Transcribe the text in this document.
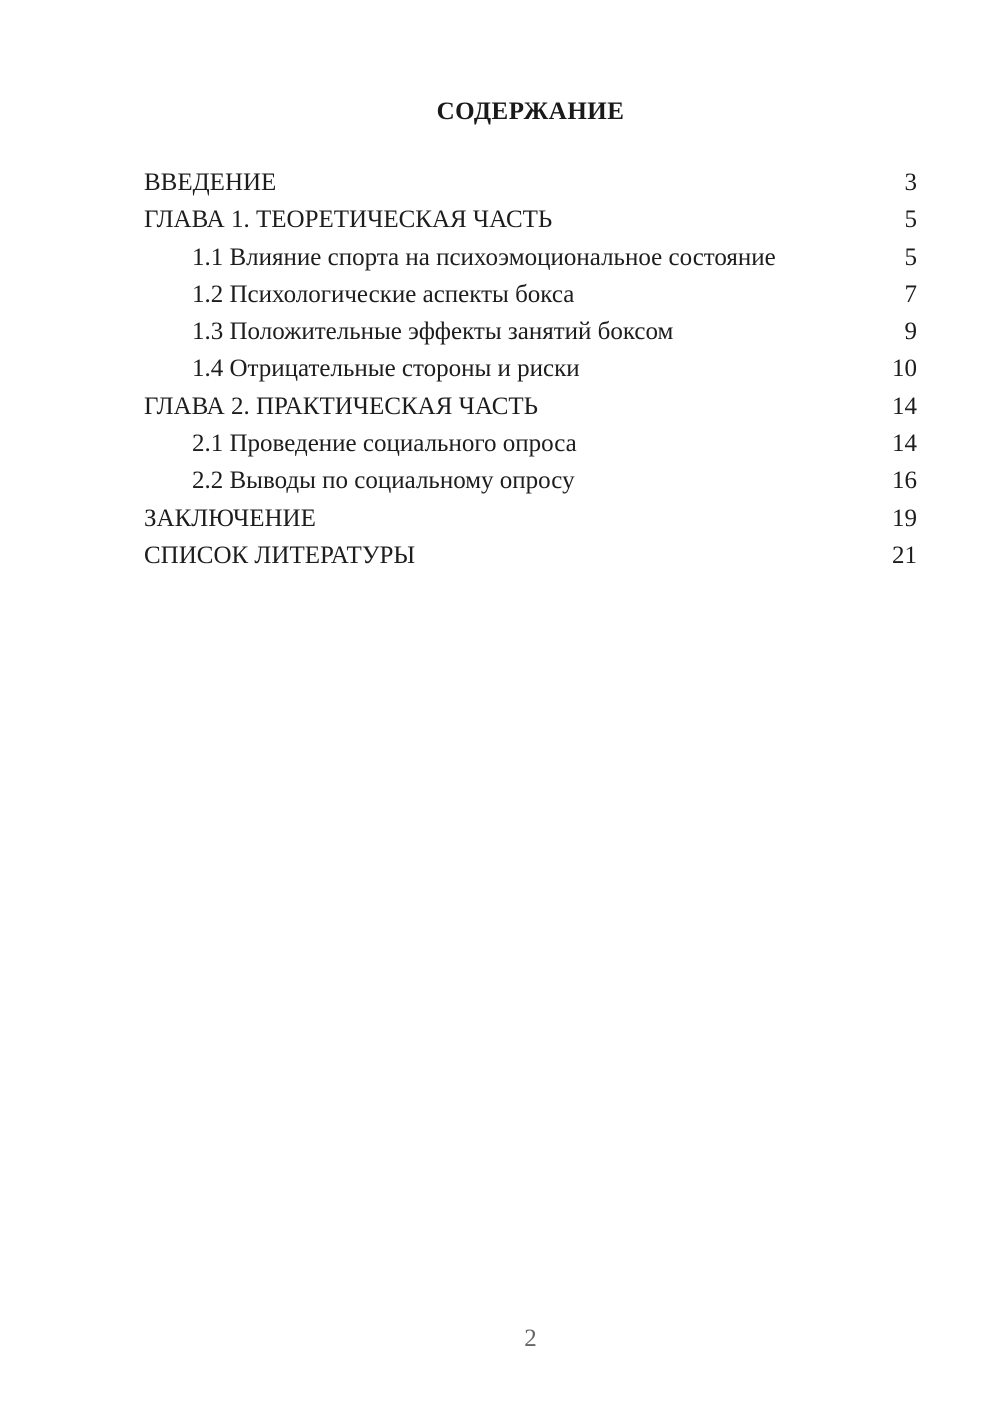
СОДЕРЖАНИЕ
ВВЕДЕНИЕ	3
ГЛАВА 1. ТЕОРЕТИЧЕСКАЯ ЧАСТЬ	5
1.1 Влияние спорта на психоэмоциональное состояние	5
1.2 Психологические аспекты бокса	7
1.3 Положительные эффекты занятий боксом	9
1.4 Отрицательные стороны и риски	10
ГЛАВА 2. ПРАКТИЧЕСКАЯ ЧАСТЬ	14
2.1 Проведение социального опроса	14
2.2 Выводы по социальному опросу	16
ЗАКЛЮЧЕНИЕ	19
СПИСОК ЛИТЕРАТУРЫ	21
2
